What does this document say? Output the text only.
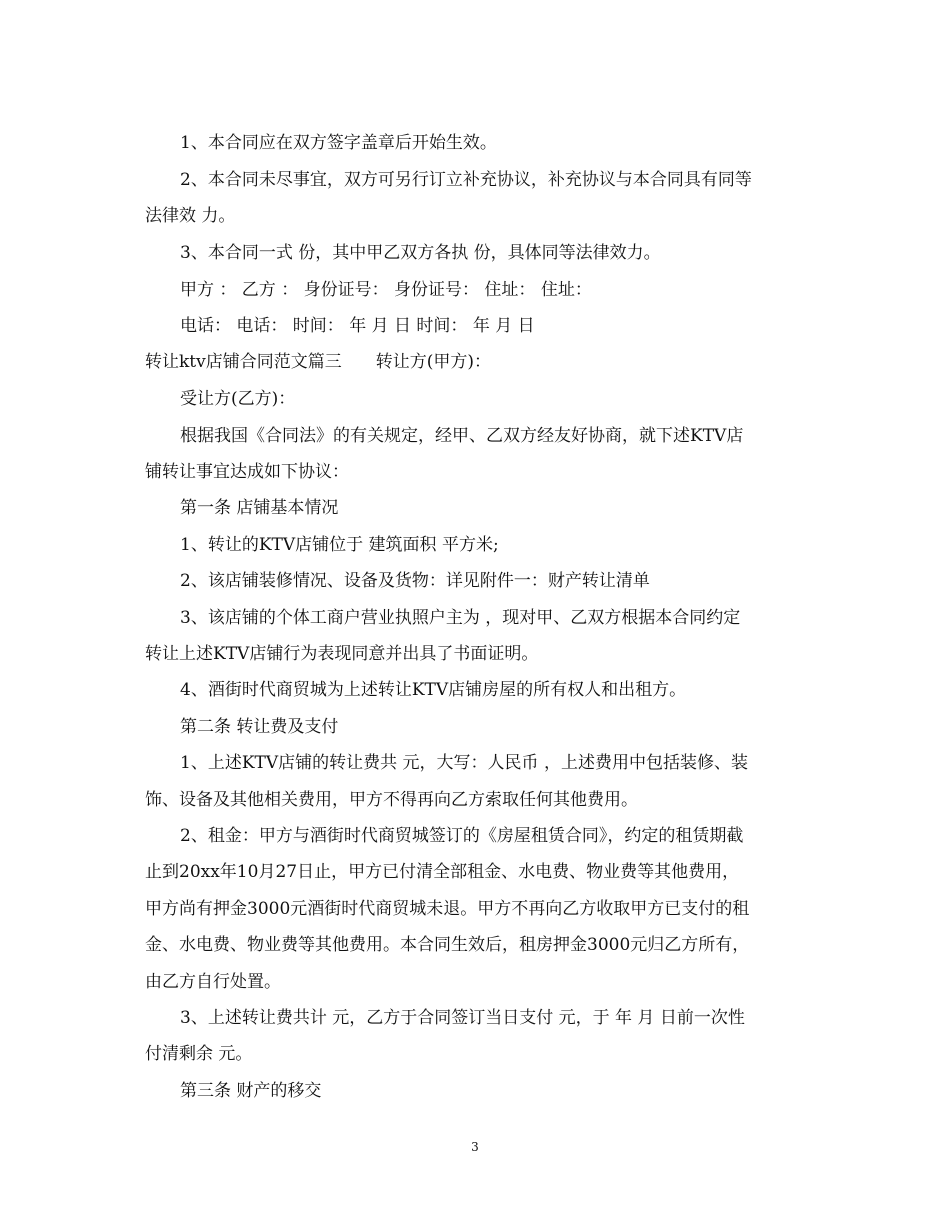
1、本合同应在双方签字盖章后开始生效。
2、本合同未尽事宜，双方可另行订立补充协议，补充协议与本合同具有同等
法律效 力。
3、本合同一式 份，其中甲乙双方各执 份，具体同等法律效力。
甲方 ： 乙方 ： 身份证号： 身份证号： 住址： 住址：
电话： 电话： 时间： 年 月 日 时间： 年 月 日
转让ktv店铺合同范文篇三 转让方(甲方)：
受让方(乙方)：
根据我国《合同法》的有关规定，经甲、乙双方经友好协商，就下述KTV店
铺转让事宜达成如下协议：
第一条 店铺基本情况
1、转让的KTV店铺位于 建筑面积 平方米;
2、该店铺装修情况、设备及货物：详见附件一：财产转让清单
3、该店铺的个体工商户营业执照户主为 ，现对甲、乙双方根据本合同约定
转让上述KTV店铺行为表现同意并出具了书面证明。
4、酒街时代商贸城为上述转让KTV店铺房屋的所有权人和出租方。
第二条 转让费及支付
1、上述KTV店铺的转让费共 元，大写：人民币 ，上述费用中包括装修、装
饰、设备及其他相关费用，甲方不得再向乙方索取任何其他费用。
2、租金：甲方与酒街时代商贸城签订的《房屋租赁合同》，约定的租赁期截
止到20xx年10月27日止，甲方已付清全部租金、水电费、物业费等其他费用，
甲方尚有押金3000元酒街时代商贸城未退。甲方不再向乙方收取甲方已支付的租
金、水电费、物业费等其他费用。本合同生效后，租房押金3000元归乙方所有，
由乙方自行处置。
3、上述转让费共计 元，乙方于合同签订当日支付 元，于 年 月 日前一次性
付清剩余 元。
第三条 财产的移交
3
